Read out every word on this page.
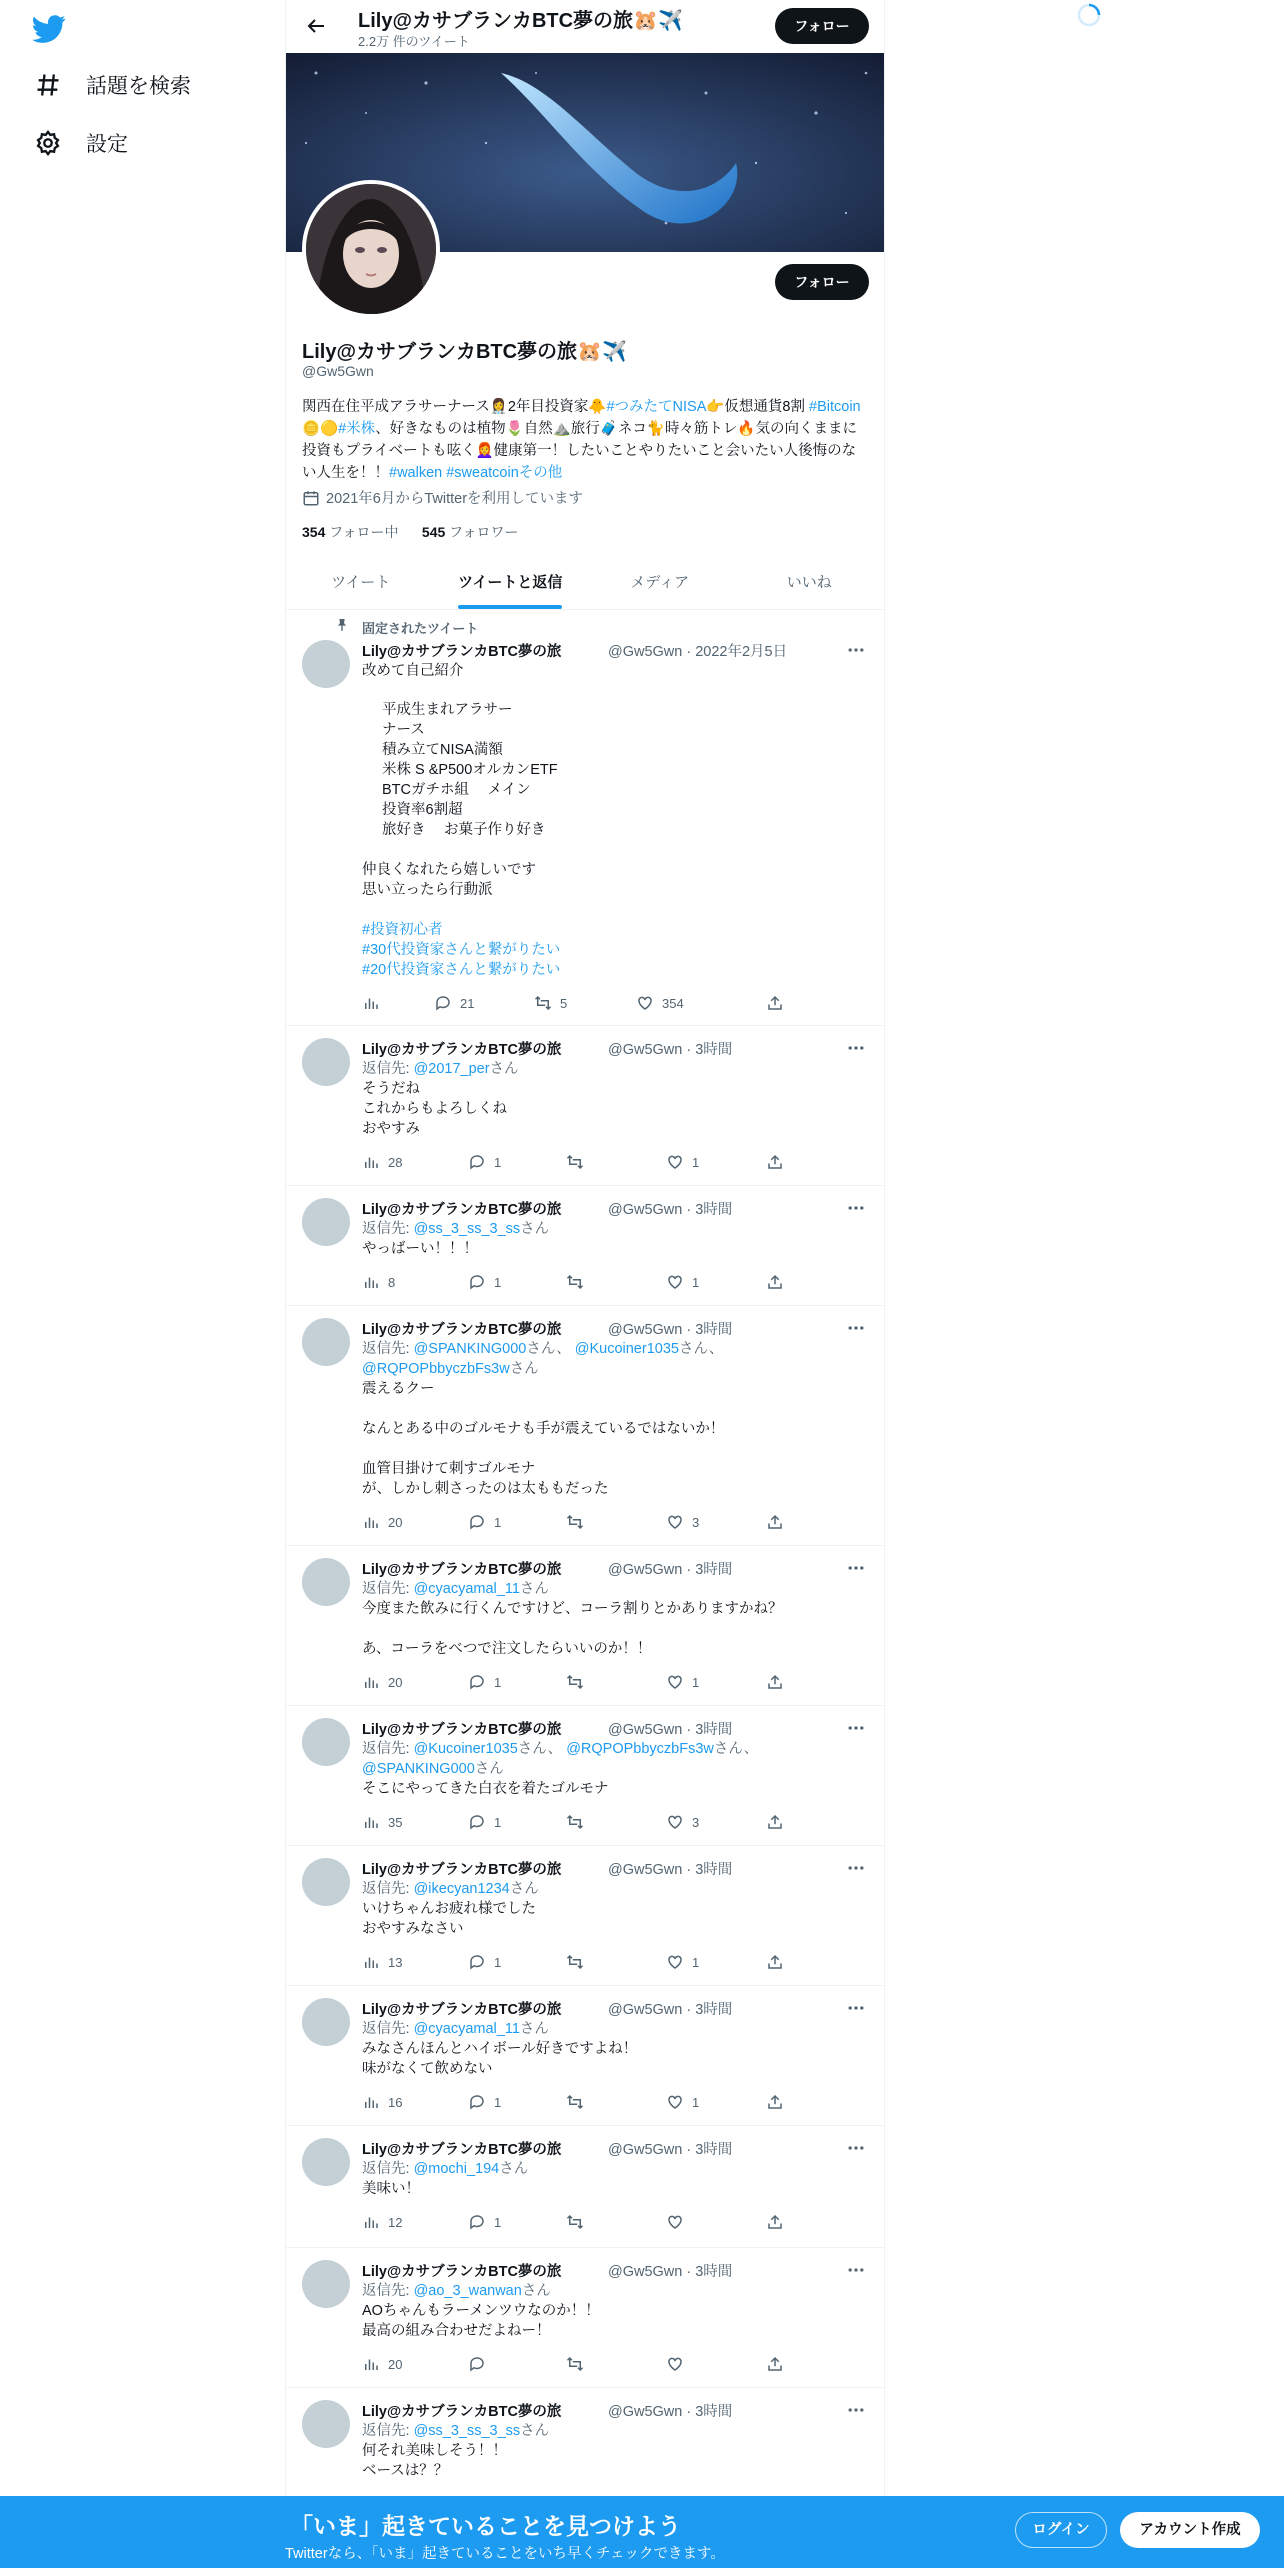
話題を検索
設定
Lily@カサブランカBTC夢の旅🐹✈️
2.2万 件のツイート
フォロー
フォロー
Lily@カサブランカBTC夢の旅🐹✈️
@Gw5Gwn
関西在住平成アラサーナース👩‍⚕️2年目投資家🐥#つみたてNISA👉仮想通貨8割 #Bitcoin🪙🟡#米株、好きなものは植物🌷自然⛰️旅行🧳ネコ🐈時々筋トレ🔥気の向くままに投資もプライベートも呟く👩‍🦰健康第一！したいことやりたいこと会いたい人後悔のない人生を！！#walken #sweatcoinその他
2021年6月からTwitterを利用しています
354 フォロー中 545 フォロワー
ツイート	ツイートと返信	メディア	いいね
固定されたツイート
Lily@カサブランカBTC夢の旅	@Gw5Gwn · 2022年2月5日
改めて自己紹介
平成生まれアラサー
ナース
積み立てNISA満額
米株 S &P500オルカンETF
BTCガチホ組　 メイン
投資率6割超
旅好き　 お菓子作り好き
仲良くなれたら嬉しいです
思い立ったら行動派
#投資初心者
#30代投資家さんと繋がりたい
#20代投資家さんと繋がりたい
21	5	354
Lily@カサブランカBTC夢の旅	@Gw5Gwn · 3時間
返信先: @2017_perさん
そうだね
これからもよろしくね
おやすみ
28	1	1
Lily@カサブランカBTC夢の旅	@Gw5Gwn · 3時間
返信先: @ss_3_ss_3_ssさん
やっばーい！！！
8	1	1
Lily@カサブランカBTC夢の旅	@Gw5Gwn · 3時間
返信先: @SPANKING000さん、 @Kucoiner1035さん、 @RQPOPbbyczbFs3wさん
震えるクー

なんとある中のゴルモナも手が震えているではないか！

血管目掛けて刺すゴルモナ
が、しかし刺さったのは太ももだった
20	1	3
Lily@カサブランカBTC夢の旅	@Gw5Gwn · 3時間
返信先: @cyacyamal_11さん
今度また飲みに行くんですけど、コーラ割りとかありますかね？

あ、コーラをべつで注文したらいいのか！！
20	1	1
Lily@カサブランカBTC夢の旅	@Gw5Gwn · 3時間
返信先: @Kucoiner1035さん、 @RQPOPbbyczbFs3wさん、 @SPANKING000さん
そこにやってきた白衣を着たゴルモナ
35	1	3
Lily@カサブランカBTC夢の旅	@Gw5Gwn · 3時間
返信先: @ikecyan1234さん
いけちゃんお疲れ様でした
おやすみなさい
13	1	1
Lily@カサブランカBTC夢の旅	@Gw5Gwn · 3時間
返信先: @cyacyamal_11さん
みなさんほんとハイボール好きですよね！
味がなくて飲めない
16	1	1
Lily@カサブランカBTC夢の旅	@Gw5Gwn · 3時間
返信先: @mochi_194さん
美味い！
12	1
Lily@カサブランカBTC夢の旅	@Gw5Gwn · 3時間
返信先: @ao_3_wanwanさん
AOちゃんもラーメンツウなのか！！
最高の組み合わせだよねー！
20
Lily@カサブランカBTC夢の旅	@Gw5Gwn · 3時間
返信先: @ss_3_ss_3_ssさん
何それ美味しそう！！
ベースは？？
「いま」起きていることを見つけよう
Twitterなら、「いま」起きていることをいち早くチェックできます。
ログイン	アカウント作成
